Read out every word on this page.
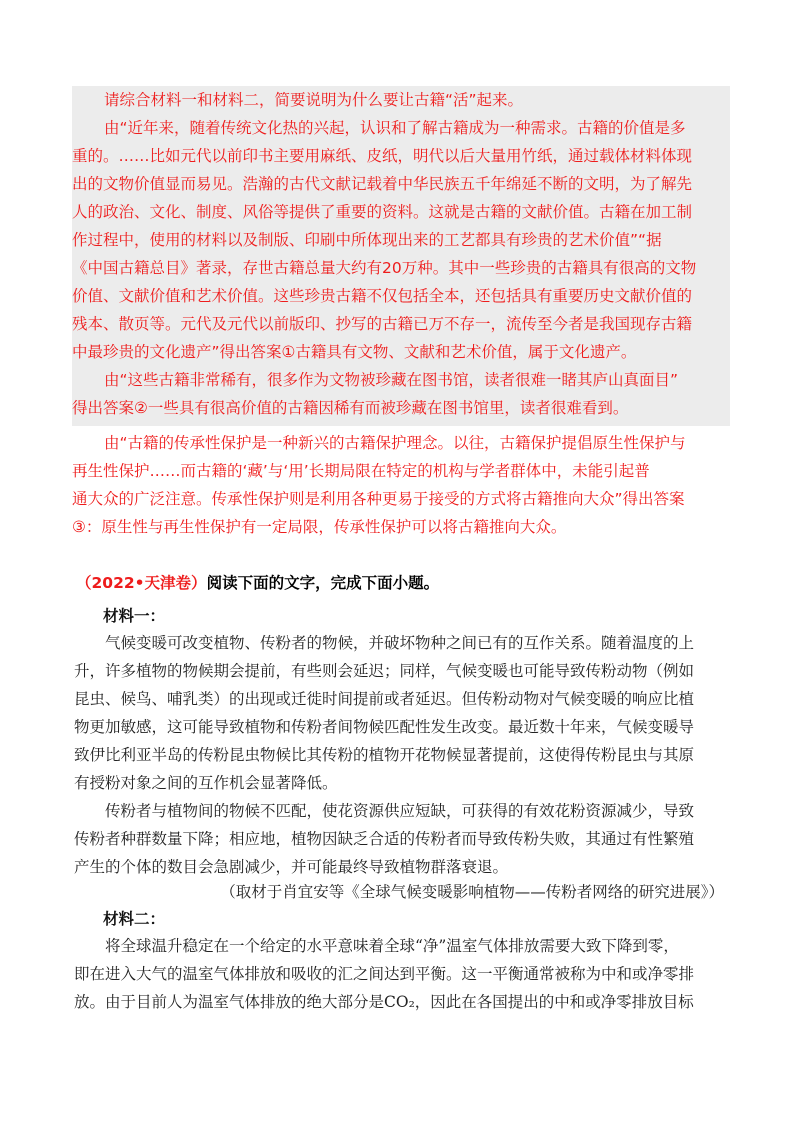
请综合材料一和材料二，简要说明为什么要让古籍“活”起来。
由“近年来，随着传统文化热的兴起，认识和了解古籍成为一种需求。古籍的价值是多
重的。……比如元代以前印书主要用麻纸、皮纸，明代以后大量用竹纸，通过载体材料体现
出的文物价值显而易见。浩瀚的古代文献记载着中华民族五千年绵延不断的文明，为了解先
人的政治、文化、制度、风俗等提供了重要的资料。这就是古籍的文献价值。古籍在加工制
作过程中，使用的材料以及制版、印刷中所体现出来的工艺都具有珍贵的艺术价值”“据
《中国古籍总目》著录，存世古籍总量大约有20万种。其中一些珍贵的古籍具有很高的文物
价值、文献价值和艺术价值。这些珍贵古籍不仅包括全本，还包括具有重要历史文献价值的
残本、散页等。元代及元代以前版印、抄写的古籍已万不存一，流传至今者是我国现存古籍
中最珍贵的文化遗产”得出答案①古籍具有文物、文献和艺术价值，属于文化遗产。
由“这些古籍非常稀有，很多作为文物被珍藏在图书馆，读者很难一睹其庐山真面目”
得出答案②一些具有很高价值的古籍因稀有而被珍藏在图书馆里，读者很难看到。
由“古籍的传承性保护是一种新兴的古籍保护理念。以往，古籍保护提倡原生性保护与
再生性保护……而古籍的‘藏’与‘用’长期局限在特定的机构与学者群体中，未能引起普
通大众的广泛注意。传承性保护则是利用各种更易于接受的方式将古籍推向大众”得出答案
③：原生性与再生性保护有一定局限，传承性保护可以将古籍推向大众。
（2022•天津卷）阅读下面的文字，完成下面小题。
材料一：
气候变暖可改变植物、传粉者的物候，并破坏物种之间已有的互作关系。随着温度的上
升，许多植物的物候期会提前，有些则会延迟；同样，气候变暖也可能导致传粉动物（例如
昆虫、候鸟、哺乳类）的出现或迁徙时间提前或者延迟。但传粉动物对气候变暖的响应比植
物更加敏感，这可能导致植物和传粉者间物候匹配性发生改变。最近数十年来，气候变暖导
致伊比利亚半岛的传粉昆虫物候比其传粉的植物开花物候显著提前，这使得传粉昆虫与其原
有授粉对象之间的互作机会显著降低。
传粉者与植物间的物候不匹配，使花资源供应短缺，可获得的有效花粉资源减少，导致
传粉者种群数量下降；相应地，植物因缺乏合适的传粉者而导致传粉失败，其通过有性繁殖
产生的个体的数目会急剧减少，并可能最终导致植物群落衰退。
（取材于肖宜安等《全球气候变暖影响植物——传粉者网络的研究进展》）
材料二：
将全球温升稳定在一个给定的水平意味着全球“净”温室气体排放需要大致下降到零，
即在进入大气的温室气体排放和吸收的汇之间达到平衡。这一平衡通常被称为中和或净零排
放。由于目前人为温室气体排放的绝大部分是CO₂，因此在各国提出的中和或净零排放目标
